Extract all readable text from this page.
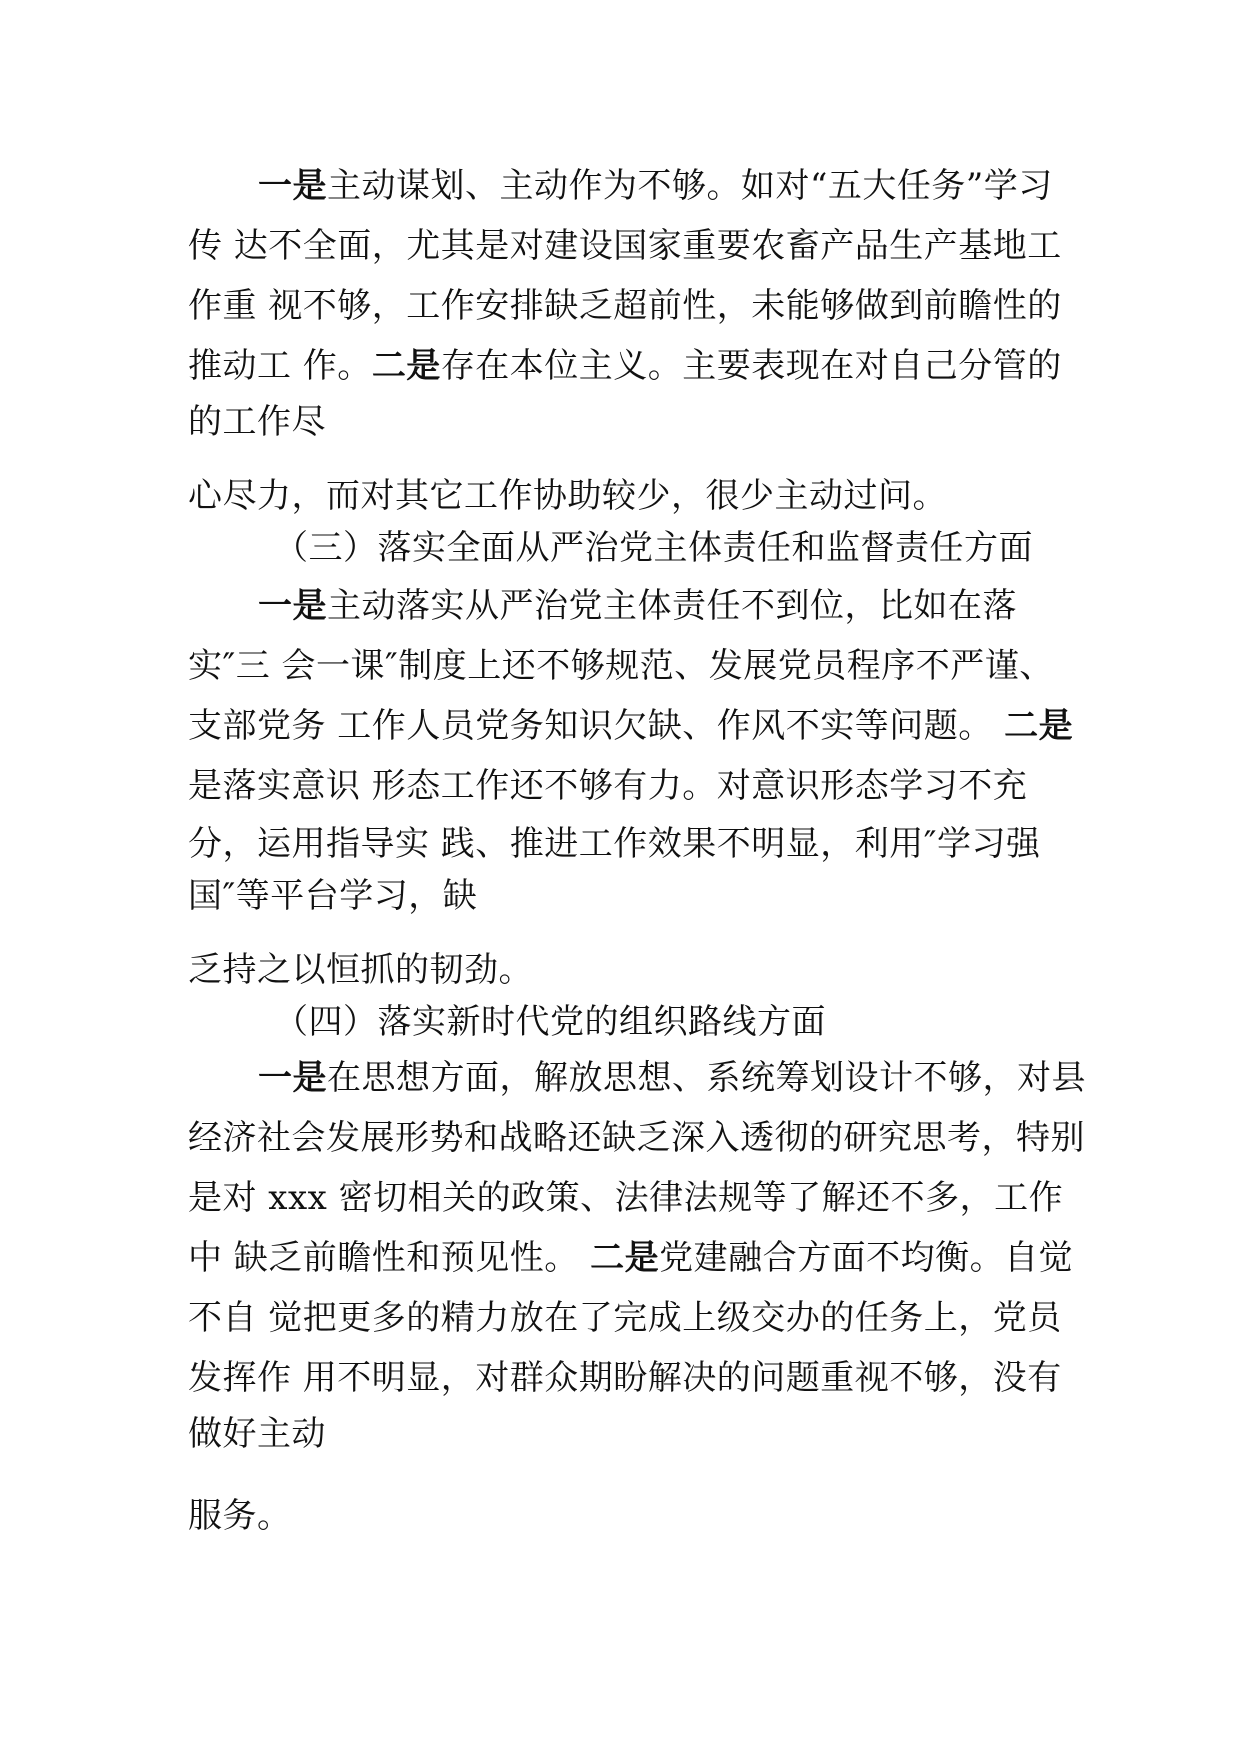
一是主动谋划、主动作为不够。如对“五大任务”学习
传 达不全面，尤其是对建设国家重要农畜产品生产基地工
作重 视不够，工作安排缺乏超前性，未能够做到前瞻性的
推动工 作。二是存在本位主义。主要表现在对自己分管的
的工作尽
心尽力，而对其它工作协助较少，很少主动过问。
（三）落实全面从严治党主体责任和监督责任方面
一是主动落实从严治党主体责任不到位，比如在落
实″三 会一课″制度上还不够规范、发展党员程序不严谨、
支部党务 工作人员党务知识欠缺、作风不实等问题。 二是
是落实意识 形态工作还不够有力。对意识形态学习不充
分，运用指导实 践、推进工作效果不明显，利用″学习强
国″等平台学习，缺
乏持之以恒抓的韧劲。
（四）落实新时代党的组织路线方面
一是在思想方面，解放思想、系统筹划设计不够，对县
经济社会发展形势和战略还缺乏深入透彻的研究思考，特别
是对 xxx 密切相关的政策、法律法规等了解还不多，工作
中 缺乏前瞻性和预见性。 二是党建融合方面不均衡。自觉
不自 觉把更多的精力放在了完成上级交办的任务上，党员
发挥作 用不明显，对群众期盼解决的问题重视不够，没有
做好主动
服务。
